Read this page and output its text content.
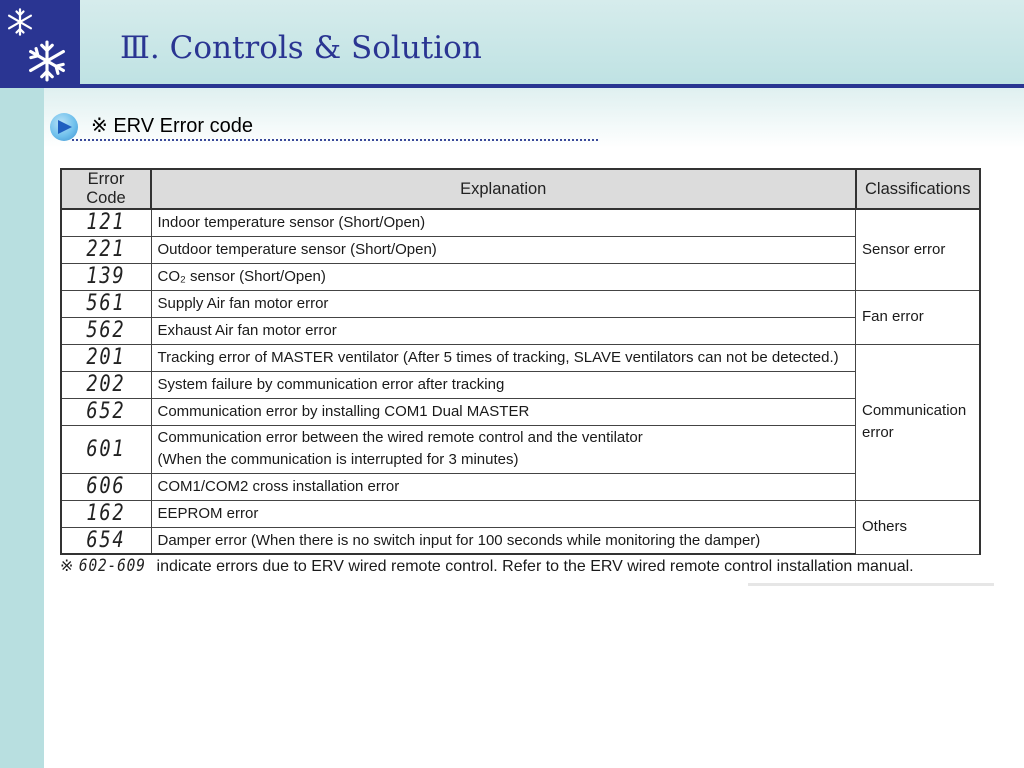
Ⅲ. Controls & Solution
※ ERV Error code
Error Code	Explanation	Classifications
121	Indoor temperature sensor (Short/Open)	Sensor error
221	Outdoor temperature sensor (Short/Open)	
139	CO₂ sensor (Short/Open)	
561	Supply Air fan motor error	Fan error
562	Exhaust Air fan motor error	
201	Tracking error of MASTER ventilator (After 5 times of tracking, SLAVE ventilators can not be detected.)	Communication
error

202	System failure by communication error after tracking	
652	Communication error by installing COM1 Dual MASTER	
601	Communication error between the wired remote control and the ventilator
(When the communication is interrupted for 3 minutes)	

606	COM1/COM2 cross installation error	
162	EEPROM error	Others
654	Damper error (When there is no switch input for 100 seconds while monitoring the damper)	
※ 602-609 indicate errors due to ERV wired remote control. Refer to the ERV wired remote control installation manual.
